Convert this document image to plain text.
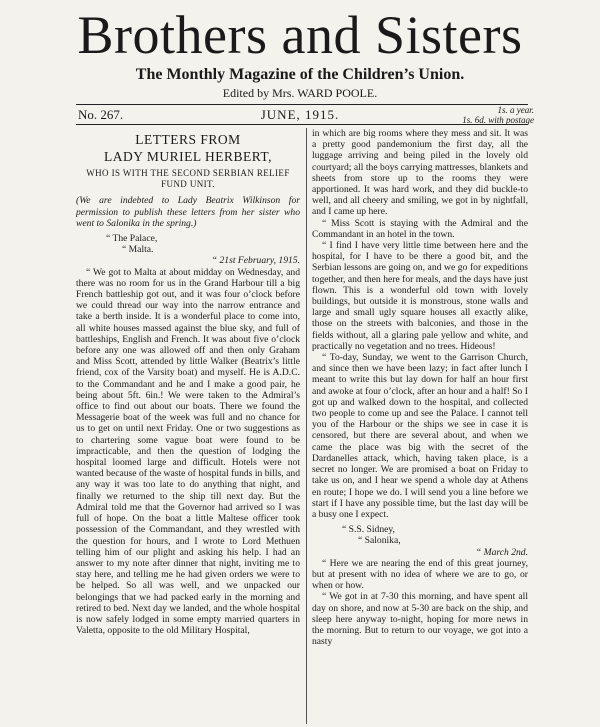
Brothers and Sisters
The Monthly Magazine of the Children’s Union.
Edited by Mrs. WARD POOLE.
JUNE, 1915.
No. 267.	1s. a year.
1s. 6d. with postage
LETTERS FROM
LADY MURIEL HERBERT,
WHO IS WITH THE SECOND SERBIAN RELIEF
FUND UNIT.

(We are indebted to Lady Beatrix Wilkinson for permission to publish these letters from her sister who went to Salonika in the spring.)

“ The Palace,

“ Malta.

“ 21st February, 1915.

“ We got to Malta at about midday on Wednesday, and there was no room for us in the Grand Harbour till a big French battleship got out, and it was four o’clock before we could thread our way into the narrow entrance and take a berth inside. It is a wonderful place to come into, all white houses massed against the blue sky, and full of battleships, English and French. It was about five o’clock before any one was allowed off and then only Graham and Miss Scott, attended by little Walker (Beatrix’s little friend, cox of the Varsity boat) and myself. He is A.D.C. to the Commandant and he and I make a good pair, he being about 5ft. 6in.! We were taken to the Admiral’s office to find out about our boats. There we found the Messagerie boat of the week was full and no chance for us to get on until next Friday. One or two suggestions as to chartering some vague boat were found to be impracticable, and then the question of lodging the hospital loomed large and difficult. Hotels were not wanted because of the waste of hospital funds in bills, and any way it was too late to do anything that night, and finally we returned to the ship till next day. But the Admiral told me that the Governor had arrived so I was full of hope. On the boat a little Maltese officer took possession of the Commandant, and they wrestled with the question for hours, and I wrote to Lord Methuen telling him of our plight and asking his help. I had an answer to my note after dinner that night, inviting me to stay here, and telling me he had given orders we were to be helped. So all was well, and we unpacked our belongings that we had packed early in the morning and retired to bed. Next day we landed, and the whole hospital is now safely lodged in some empty married quarters in Valetta, opposite to the old Military Hospital,

in which are big rooms where they mess and sit. It was a pretty good pandemonium the first day, all the luggage arriving and being piled in the lovely old courtyard; all the boys carrying mattresses, blankets and sheets from store up to the rooms they were apportioned. It was hard work, and they did buckle-to well, and all cheery and smiling, we got in by nightfall, and I came up here.

“ Miss Scott is staying with the Admiral and the Commandant in an hotel in the town.

“ I find I have very little time between here and the hospital, for I have to be there a good bit, and the Serbian lessons are going on, and we go for expeditions together, and then here for meals, and the days have just flown. This is a wonderful old town with lovely buildings, but outside it is monstrous, stone walls and large and small ugly square houses all exactly alike, those on the streets with balconies, and those in the fields without, all a glaring pale yellow and white, and practically no vegetation and no trees. Hideous!

“ To-day, Sunday, we went to the Garrison Church, and since then we have been lazy; in fact after lunch I meant to write this but lay down for half an hour first and awoke at four o’clock, after an hour and a half! So I got up and walked down to the hospital, and collected two people to come up and see the Palace. I cannot tell you of the Harbour or the ships we see in case it is censored, but there are several about, and when we came the place was big with the secret of the Dardanelles attack, which, having taken place, is a secret no longer. We are promised a boat on Friday to take us on, and I hear we spend a whole day at Athens en route; I hope we do. I will send you a line before we start if I have any possible time, but the last day will be a busy one I expect.

“ S.S. Sidney,

“ Salonika,

“ March 2nd.

“ Here we are nearing the end of this great journey, but at present with no idea of where we are to go, or when or how.

“ We got in at 7-30 this morning, and have spent all day on shore, and now at 5-30 are back on the ship, and sleep here anyway to-night, hoping for more news in the morning. But to return to our voyage, we got into a nasty
